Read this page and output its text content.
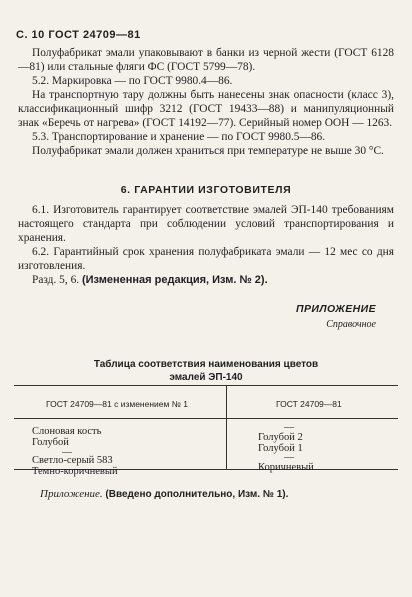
С. 10 ГОСТ 24709—81

Полуфабрикат эмали упаковывают в банки из черной жести (ГОСТ 6128—81) или стальные фляги ФС (ГОСТ 5799—78).

5.2. Маркировка — по ГОСТ 9980.4—86.

На транспортную тару должны быть нанесены знак опасности (класс 3), классификационный шифр 3212 (ГОСТ 19433—88) и манипуляционный знак «Беречь от нагрева» (ГОСТ 14192—77). Серийный номер ООН — 1263.

5.3. Транспортирование и хранение — по ГОСТ 9980.5—86.

Полуфабрикат эмали должен храниться при температуре не выше 30 °С.

6. ГАРАНТИИ ИЗГОТОВИТЕЛЯ

6.1. Изготовитель гарантирует соответствие эмалей ЭП-140 требованиям настоящего стандарта при соблюдении условий транспортирования и хранения.

6.2. Гарантийный срок хранения полуфабриката эмали — 12 мес со дня изготовления.

Разд. 5, 6. (Измененная редакция, Изм. № 2).

ПРИЛОЖЕНИЕ
Справочное
Таблица соответствия наименования цветов
эмалей ЭП-140
ГОСТ 24709—81 с изменением № 1	ГОСТ 24709—81
Слоновая кость
Голубой
—
Светло-серый 583
Темно-коричневый
—
Голубой 2
Голубой 1
—
Коричневый
Приложение. (Введено дополнительно, Изм. № 1).
